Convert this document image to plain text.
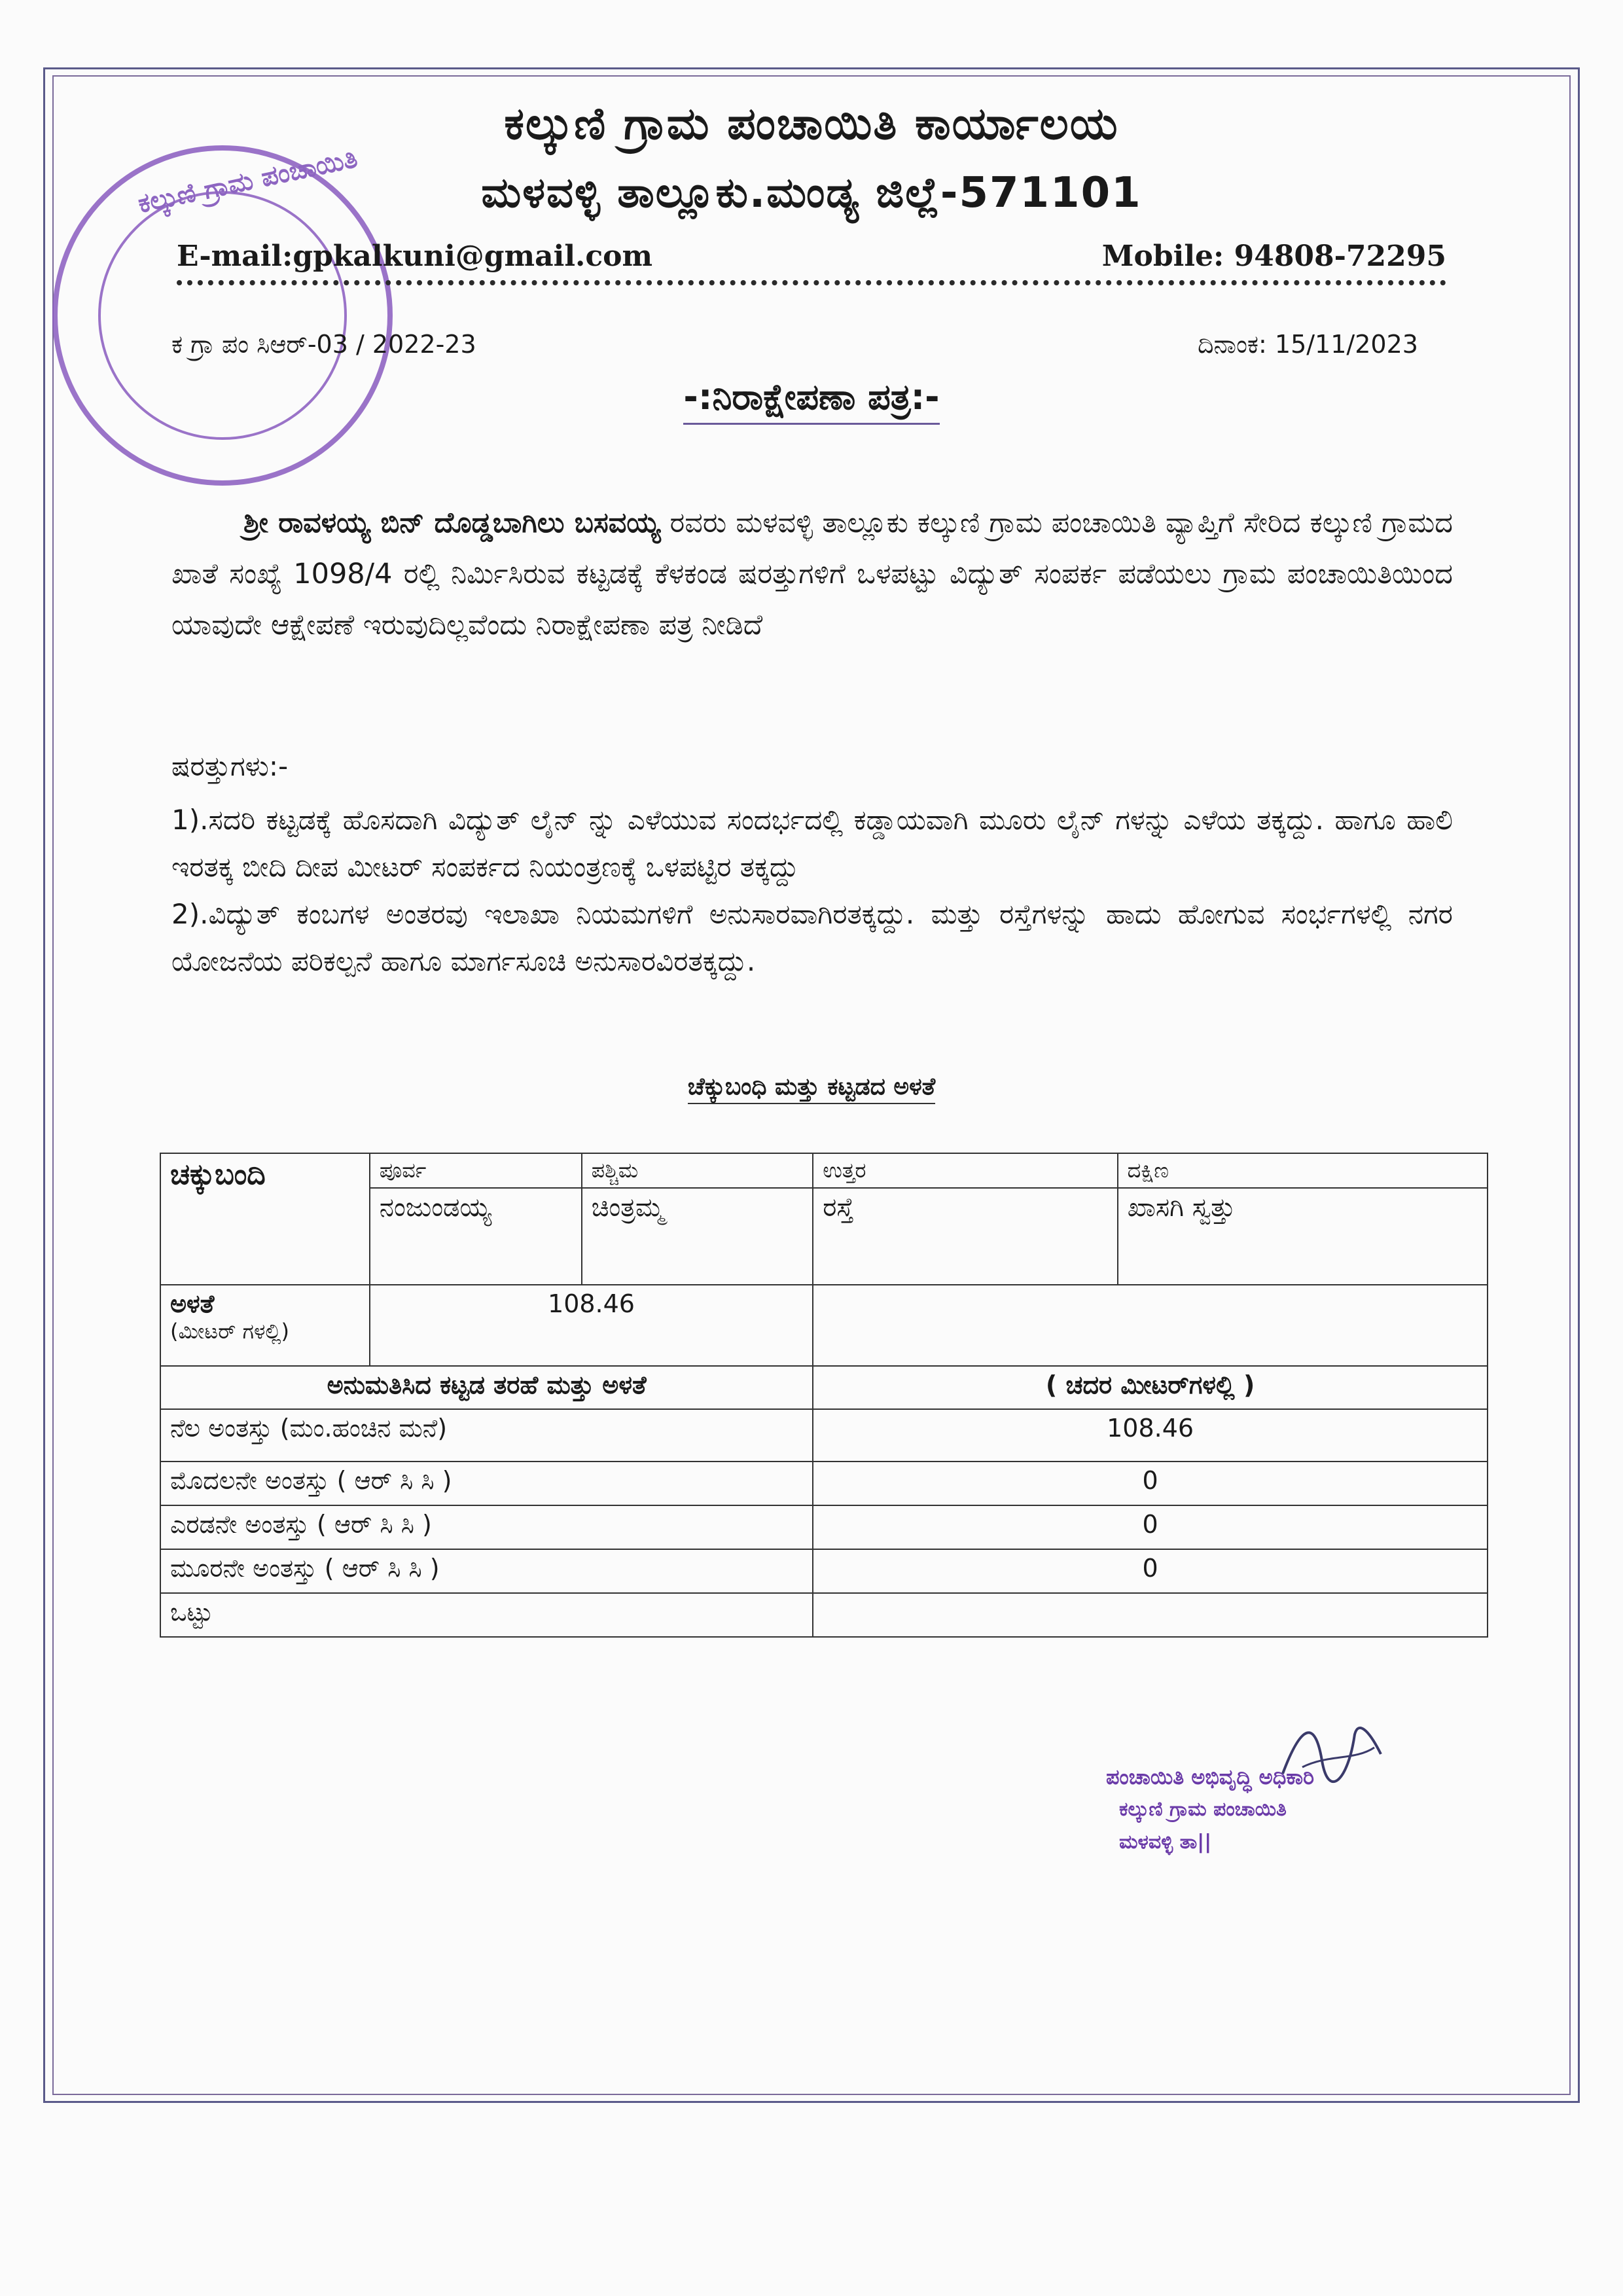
ಕಲ್ಕುಣಿ ಗ್ರಾಮ ಪಂಚಾಯಿತಿ
ಕಲ್ಕುಣಿ ಗ್ರಾಮ ಪಂಚಾಯಿತಿ ಕಾರ್ಯಾಲಯ
ಮಳವಳ್ಳಿ ತಾಲ್ಲೂಕು.ಮಂಡ್ಯ ಜಿಲ್ಲೆ-571101
E-mail:gpkalkuni@gmail.com	Mobile: 94808-72295
ಕ ಗ್ರಾ ಪಂ ಸಿಆರ್-03 / 2022-23	ದಿನಾಂಕ: 15/11/2023
-:ನಿರಾಕ್ಷೇಪಣಾ ಪತ್ರ:-
ಶ್ರೀ ರಾವಳಯ್ಯ ಬಿನ್ ದೊಡ್ಡಬಾಗಿಲು ಬಸವಯ್ಯ ರವರು ಮಳವಳ್ಳಿ ತಾಲ್ಲೂಕು ಕಲ್ಕುಣಿ ಗ್ರಾಮ ಪಂಚಾಯಿತಿ ವ್ಯಾಪ್ತಿಗೆ ಸೇರಿದ ಕಲ್ಕುಣಿ ಗ್ರಾಮದ ಖಾತೆ ಸಂಖ್ಯೆ 1098/4 ರಲ್ಲಿ ನಿರ್ಮಿಸಿರುವ ಕಟ್ಟಡಕ್ಕೆ ಕೆಳಕಂಡ ಷರತ್ತುಗಳಿಗೆ ಒಳಪಟ್ಟು ವಿದ್ಯುತ್ ಸಂಪರ್ಕ ಪಡೆಯಲು ಗ್ರಾಮ ಪಂಚಾಯಿತಿಯಿಂದ ಯಾವುದೇ ಆಕ್ಷೇಪಣೆ ಇರುವುದಿಲ್ಲವೆಂದು ನಿರಾಕ್ಷೇಪಣಾ ಪತ್ರ ನೀಡಿದೆ
ಷರತ್ತುಗಳು:-

1).ಸದರಿ ಕಟ್ಟಡಕ್ಕೆ ಹೊಸದಾಗಿ ವಿದ್ಯುತ್ ಲೈನ್ ನ್ನು ಎಳೆಯುವ ಸಂದರ್ಭದಲ್ಲಿ ಕಡ್ಡಾಯವಾಗಿ ಮೂರು ಲೈನ್ ಗಳನ್ನು ಎಳೆಯ ತಕ್ಕದ್ದು. ಹಾಗೂ ಹಾಲಿ ಇರತಕ್ಕ ಬೀದಿ ದೀಪ ಮೀಟರ್ ಸಂಪರ್ಕದ ನಿಯಂತ್ರಣಕ್ಕೆ ಒಳಪಟ್ಟಿರ ತಕ್ಕದ್ದು

2).ವಿದ್ಯುತ್ ಕಂಬಗಳ ಅಂತರವು ಇಲಾಖಾ ನಿಯಮಗಳಿಗೆ ಅನುಸಾರವಾಗಿರತಕ್ಕದ್ದು. ಮತ್ತು ರಸ್ತೆಗಳನ್ನು ಹಾದು ಹೋಗುವ ಸಂರ್ಭಗಳಲ್ಲಿ ನಗರ ಯೋಜನೆಯ ಪರಿಕಲ್ಪನೆ ಹಾಗೂ ಮಾರ್ಗಸೂಚಿ ಅನುಸಾರವಿರತಕ್ಕದ್ದು.

ಚೆಕ್ಕುಬಂಧಿ ಮತ್ತು ಕಟ್ಟಡದ ಅಳತೆ
ಚಕ್ಕುಬಂದಿ	ಪೂರ್ವ	ಪಶ್ಚಿಮ	ಉತ್ತರ	ದಕ್ಷಿಣ
	ನಂಜುಂಡಯ್ಯ	ಚಿಂತ್ರಮ್ಮ	ರಸ್ತೆ	ಖಾಸಗಿ ಸ್ವತ್ತು

ಅಳತೆ
(ಮೀಟರ್ ಗಳಲ್ಲಿ)	108.46			
ಅನುಮತಿಸಿದ ಕಟ್ಟಡ ತರಹೆ ಮತ್ತು ಅಳತೆ			( ಚದರ ಮೀಟರ್‌ಗಳಲ್ಲಿ )	
ನೆಲ ಅಂತಸ್ತು (ಮಂ.ಹಂಚಿನ ಮನೆ)			108.46	
ಮೊದಲನೇ ಅಂತಸ್ತು ( ಆರ್ ಸಿ ಸಿ )			0	
ಎರಡನೇ ಅಂತಸ್ತು ( ಆರ್ ಸಿ ಸಿ )			0	
ಮೂರನೇ ಅಂತಸ್ತು ( ಆರ್ ಸಿ ಸಿ )			0	
ಒಟ್ಟು				
ಪಂಚಾಯಿತಿ ಅಭಿವೃದ್ಧಿ ಅಧಿಕಾರಿ
ಕಲ್ಕುಣಿ ಗ್ರಾಮ ಪಂಚಾಯಿತಿ
ಮಳವಳ್ಳಿ ತಾ||
